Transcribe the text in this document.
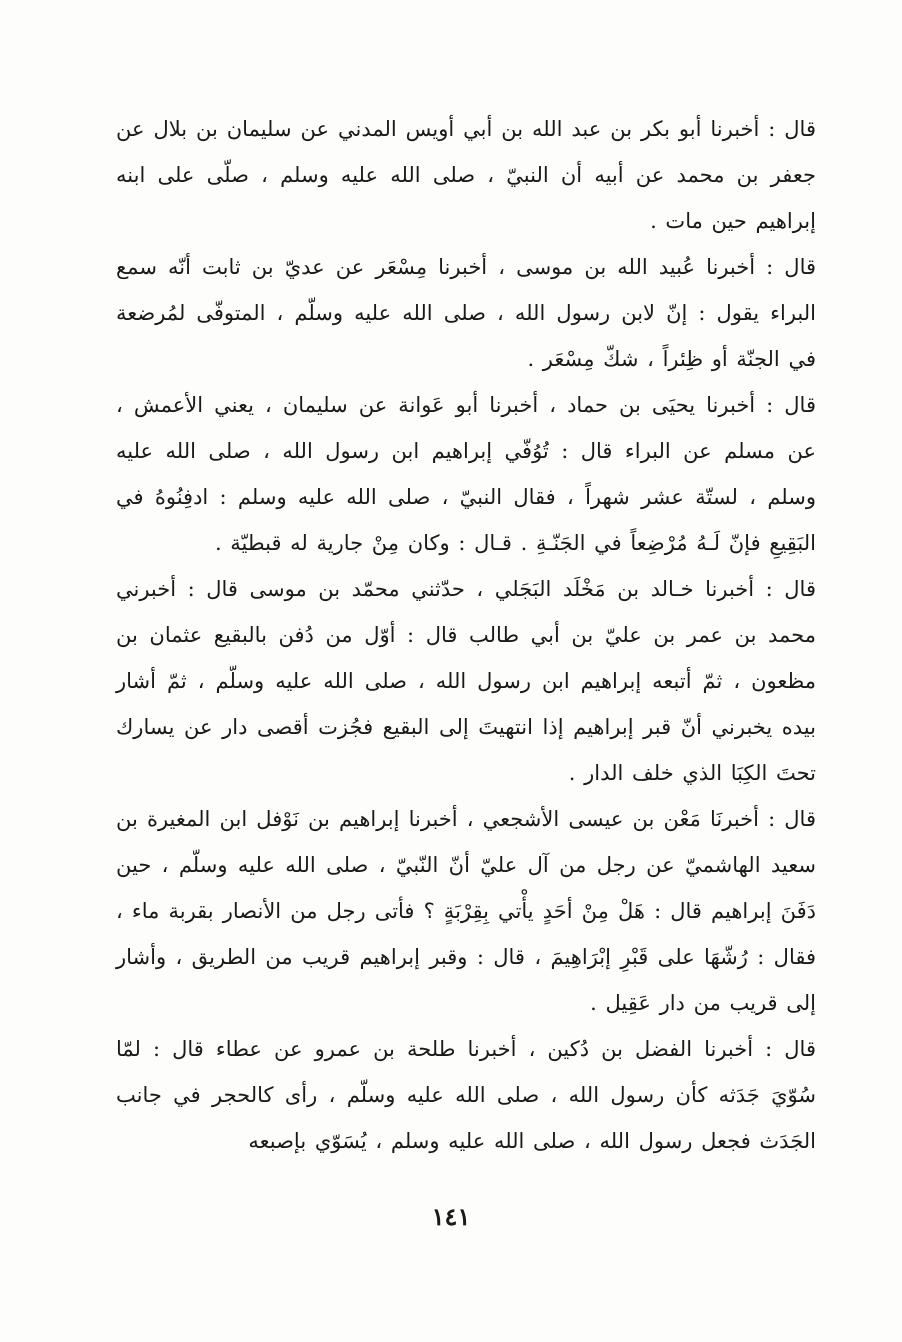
قال : أخبرنا أبو بكر بن عبد الله بن أبي أويس المدني عن سليمان بن بلال عن جعفر بن محمد عن أبيه أن النبيّ ، صلى الله عليه وسلم ، صلّى على ابنه إبراهيم حين مات .

قال : أخبرنا عُبيد الله بن موسى ، أخبرنا مِسْعَر عن عديّ بن ثابت أنّه سمع البراء يقول : إنّ لابن رسول الله ، صلى الله عليه وسلّم ، المتوفّى لمُرضعة في الجنّة أو ظِئراً ، شكّ مِسْعَر .

قال : أخبرنا يحيَى بن حماد ، أخبرنا أبو عَوانة عن سليمان ، يعني الأعمش ، عن مسلم عن البراء قال : تُوُفّي إبراهيم ابن رسول الله ، صلى الله عليه وسلم ، لستّة عشر شهراً ، فقال النبيّ ، صلى الله عليه وسلم : ادفِنُوهُ في البَقِيعِ فإنّ لَـهُ مُرْضِعاً في الجَنّـةِ . قـال : وكان مِنْ جارية له قبطيّة .

قال : أخبرنا خـالد بن مَخْلَد البَجَلي ، حدّثني محمّد بن موسى قال : أخبرني محمد بن عمر بن عليّ بن أبي طالب قال : أوّل من دُفن بالبقيع عثمان بن مظعون ، ثمّ أتبعه إبراهيم ابن رسول الله ، صلى الله عليه وسلّم ، ثمّ أشار بيده يخبرني أنّ قبر إبراهيم إذا انتهيتَ إلى البقيع فجُزت أقصى دار عن يسارك تحتَ الكِبَا الذي خلف الدار .

قال : أخبرنَا مَعْن بن عيسى الأشجعي ، أخبرنا إبراهيم بن نَوْفل ابن المغيرة بن سعيد الهاشميّ عن رجل من آل عليّ أنّ النّبيّ ، صلى الله عليه وسلّم ، حين دَفَنَ إبراهيم قال : هَلْ مِنْ أحَدٍ يأْتي بِقِرْبَةٍ ؟ فأتى رجل من الأنصار بقربة ماء ، فقال : رُشّهَا على قَبْرِ إبْرَاهِيمَ ، قال : وقبر إبراهيم قريب من الطريق ، وأشار إلى قريب من دار عَقِيل .

قال : أخبرنا الفضل بن دُكين ، أخبرنا طلحة بن عمرو عن عطاء قال : لمّا سُوّيَ جَدَثه كأن رسول الله ، صلى الله عليه وسلّم ، رأى كالحجر في جانب الجَدَث فجعل رسول الله ، صلى الله عليه وسلم ، يُسَوّي بإصبعه

١٤١
